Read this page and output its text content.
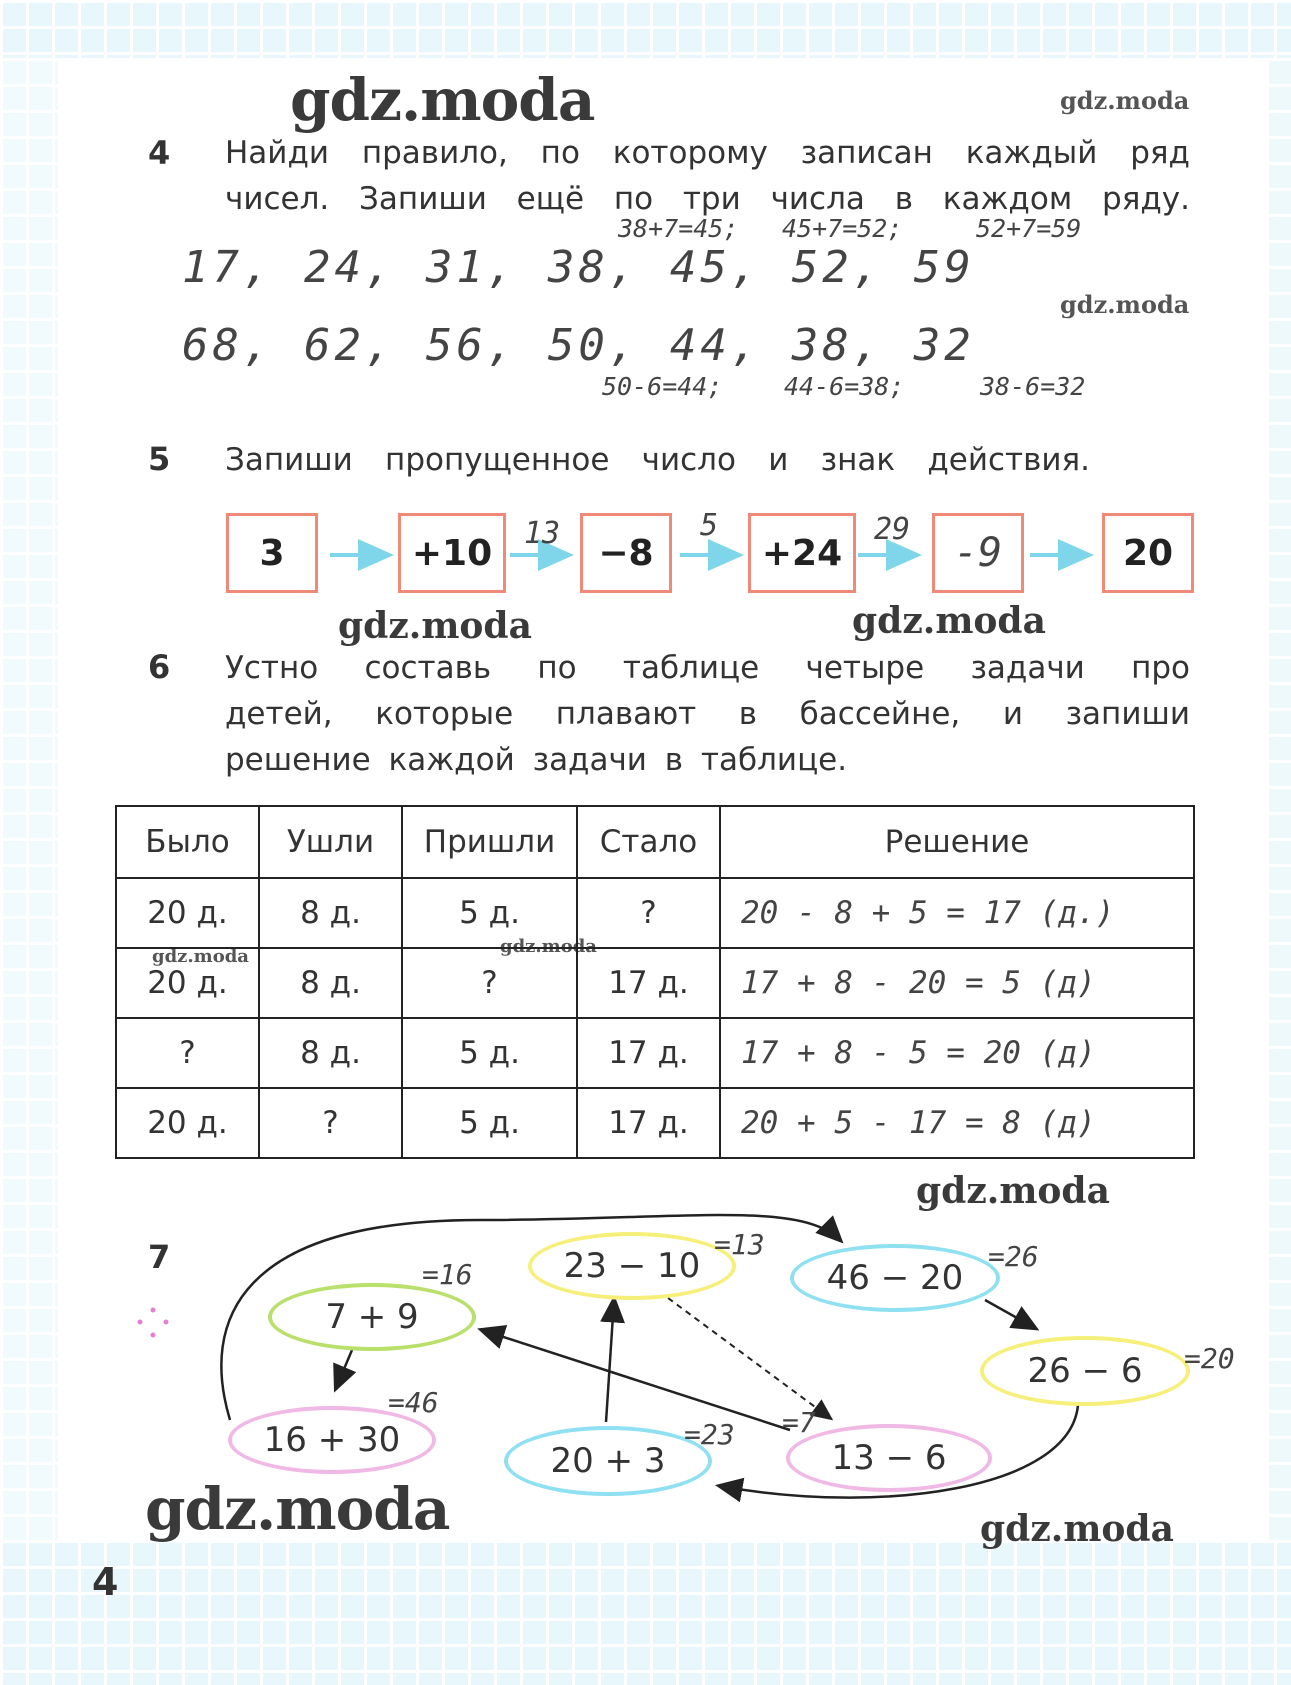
gdz.moda	gdz.moda
gdz.moda
gdz.moda	gdz.moda
gdz.moda	gdz.moda
gdz.moda
gdz.moda	gdz.moda
4 Найди правило, по которому записан каждый ряд
чисел. Запиши ещё по три числа в каждом ряду.
38+7=45; 45+7=52;	52+7=59
17, 24, 31, 38, 45, 52, 59
68, 62, 56, 50, 44, 38, 32
50-6=44; 44-6=38;	38-6=32
5 Запиши пропущенное число и знак действия.
3	+10	−8	+24	-9	20
13	5	29
6 Устно составь по таблице четыре задачи про
детей, которые плавают в бассейне, и запиши
решение каждой задачи в таблице.
Было	Ушли	Пришли	Стало	Решение
20 д.	8 д.	5 д.	?	20 - 8 + 5 = 17 (д.)
20 д.	8 д.	?	17 д.	17 + 8 - 20 = 5 (д)
?	8 д.	5 д.	17 д.	17 + 8 - 5 = 20 (д)
20 д.	?	5 д.	17 д.	20 + 5 - 17 = 8 (д)
7
7 + 9
23 − 10	46 − 20
26 − 6
16 + 30
20 + 3	13 − 6
=16
=13	=26
=20
=46
=23 =7
4
